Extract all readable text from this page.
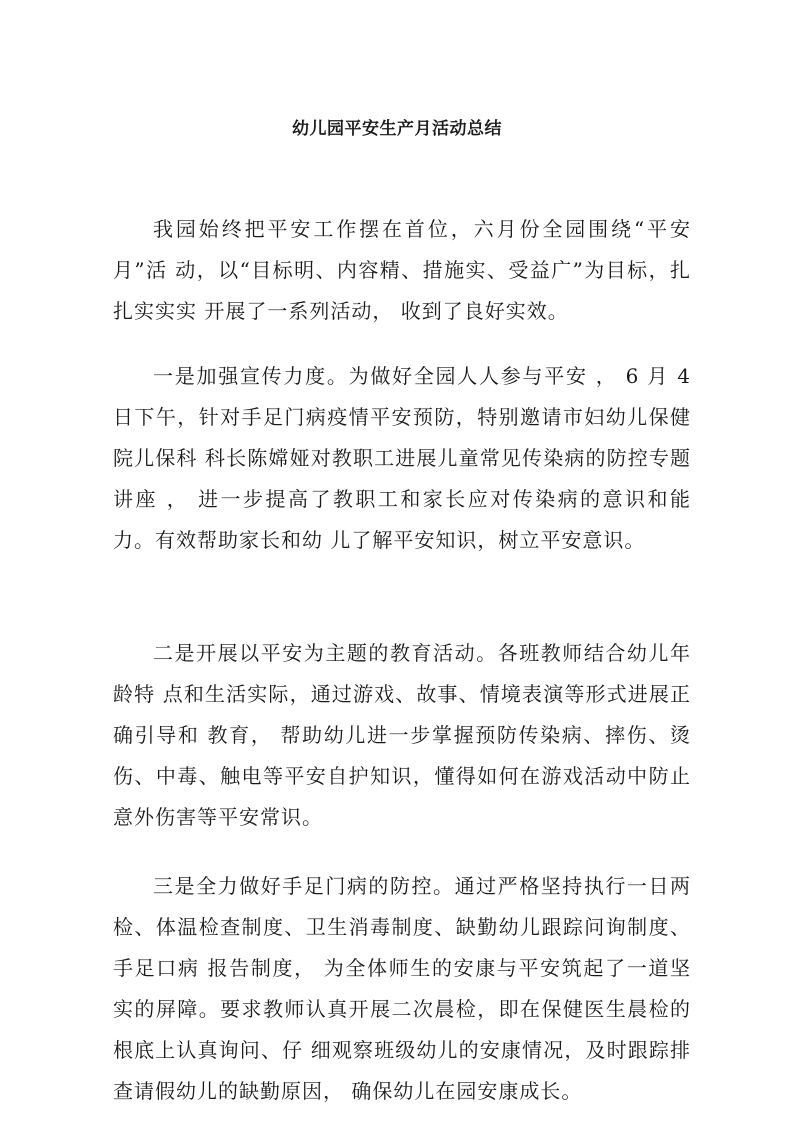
幼儿园平安生产月活动总结

我园始终把平安工作摆在首位，六月份全园围绕“平安月”活 动，以“目标明、内容精、措施实、受益广”为目标，扎扎实实实 开展了一系列活动， 收到了良好实效。

一是加强宣传力度。为做好全园人人参与平安 ， 6 月 4 日下午，针对手足门病疫情平安预防，特别邀请市妇幼儿保健院儿保科 科长陈嫦娅对教职工进展儿童常见传染病的防控专题讲座 ， 进一步提高了教职工和家长应对传染病的意识和能力。有效帮助家长和幼 儿了解平安知识，树立平安意识。

二是开展以平安为主题的教育活动。各班教师结合幼儿年龄特 点和生活实际，通过游戏、故事、情境表演等形式进展正确引导和 教育， 帮助幼儿进一步掌握预防传染病、摔伤、烫伤、中毒、触电等平安自护知识，懂得如何在游戏活动中防止意外伤害等平安常识。

三是全力做好手足门病的防控。通过严格坚持执行一日两检、体温检查制度、卫生消毒制度、缺勤幼儿跟踪问询制度、手足口病 报告制度， 为全体师生的安康与平安筑起了一道坚实的屏障。要求教师认真开展二次晨检，即在保健医生晨检的根底上认真询问、仔 细观察班级幼儿的安康情况，及时跟踪排查请假幼儿的缺勤原因， 确保幼儿在园安康成长。
